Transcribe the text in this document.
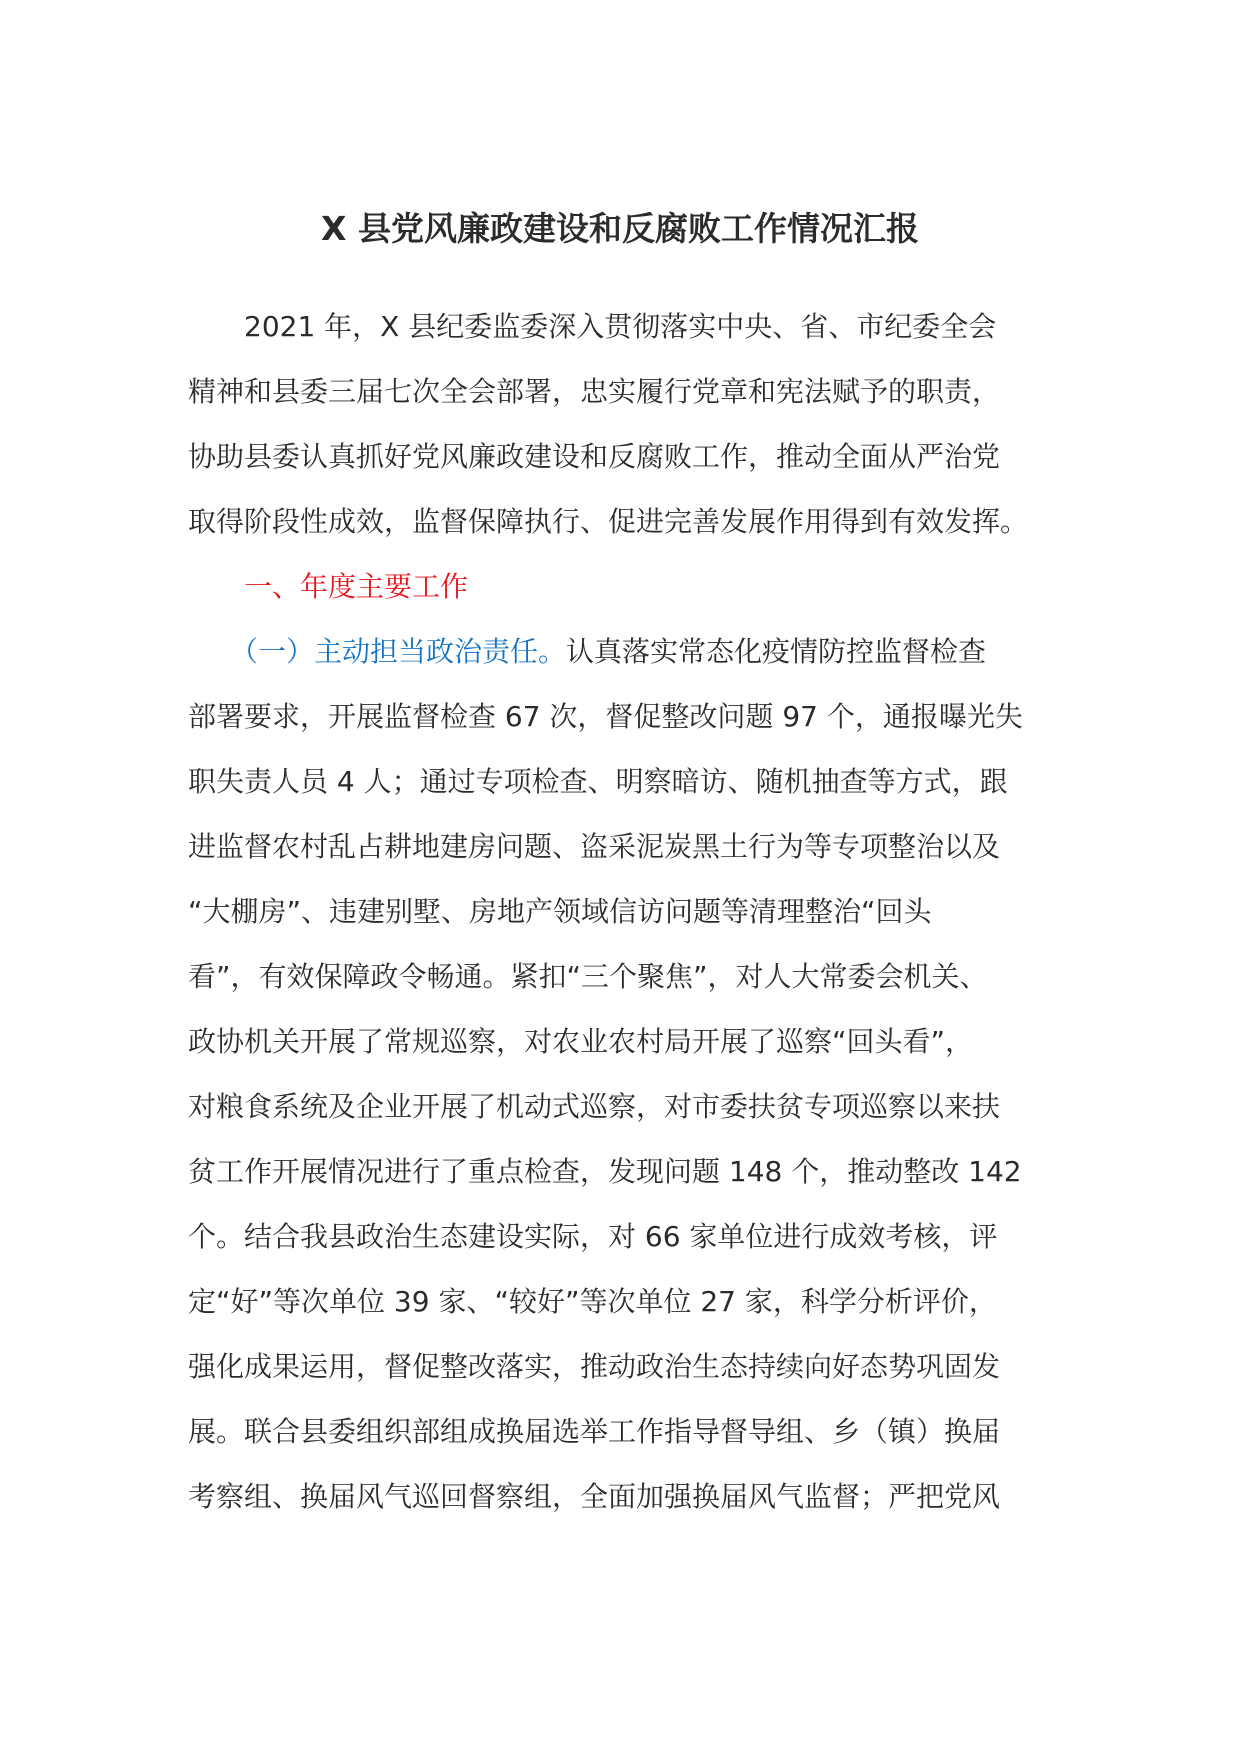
X 县党风廉政建设和反腐败工作情况汇报
　　2021 年，X 县纪委监委深入贯彻落实中央、省、市纪委全会
精神和县委三届七次全会部署，忠实履行党章和宪法赋予的职责，
协助县委认真抓好党风廉政建设和反腐败工作，推动全面从严治党
取得阶段性成效，监督保障执行、促进完善发展作用得到有效发挥。
　　一、年度主要工作
　　（一）主动担当政治责任。认真落实常态化疫情防控监督检查
部署要求，开展监督检查 67 次，督促整改问题 97 个，通报曝光失
职失责人员 4 人；通过专项检查、明察暗访、随机抽查等方式，跟
进监督农村乱占耕地建房问题、盗采泥炭黑土行为等专项整治以及
“大棚房”、违建别墅、房地产领域信访问题等清理整治“回头
看”，有效保障政令畅通。紧扣“三个聚焦”，对人大常委会机关、
政协机关开展了常规巡察，对农业农村局开展了巡察“回头看”，
对粮食系统及企业开展了机动式巡察，对市委扶贫专项巡察以来扶
贫工作开展情况进行了重点检查，发现问题 148 个，推动整改 142
个。结合我县政治生态建设实际，对 66 家单位进行成效考核，评
定“好”等次单位 39 家、“较好”等次单位 27 家，科学分析评价，
强化成果运用，督促整改落实，推动政治生态持续向好态势巩固发
展。联合县委组织部组成换届选举工作指导督导组、乡（镇）换届
考察组、换届风气巡回督察组，全面加强换届风气监督；严把党风
